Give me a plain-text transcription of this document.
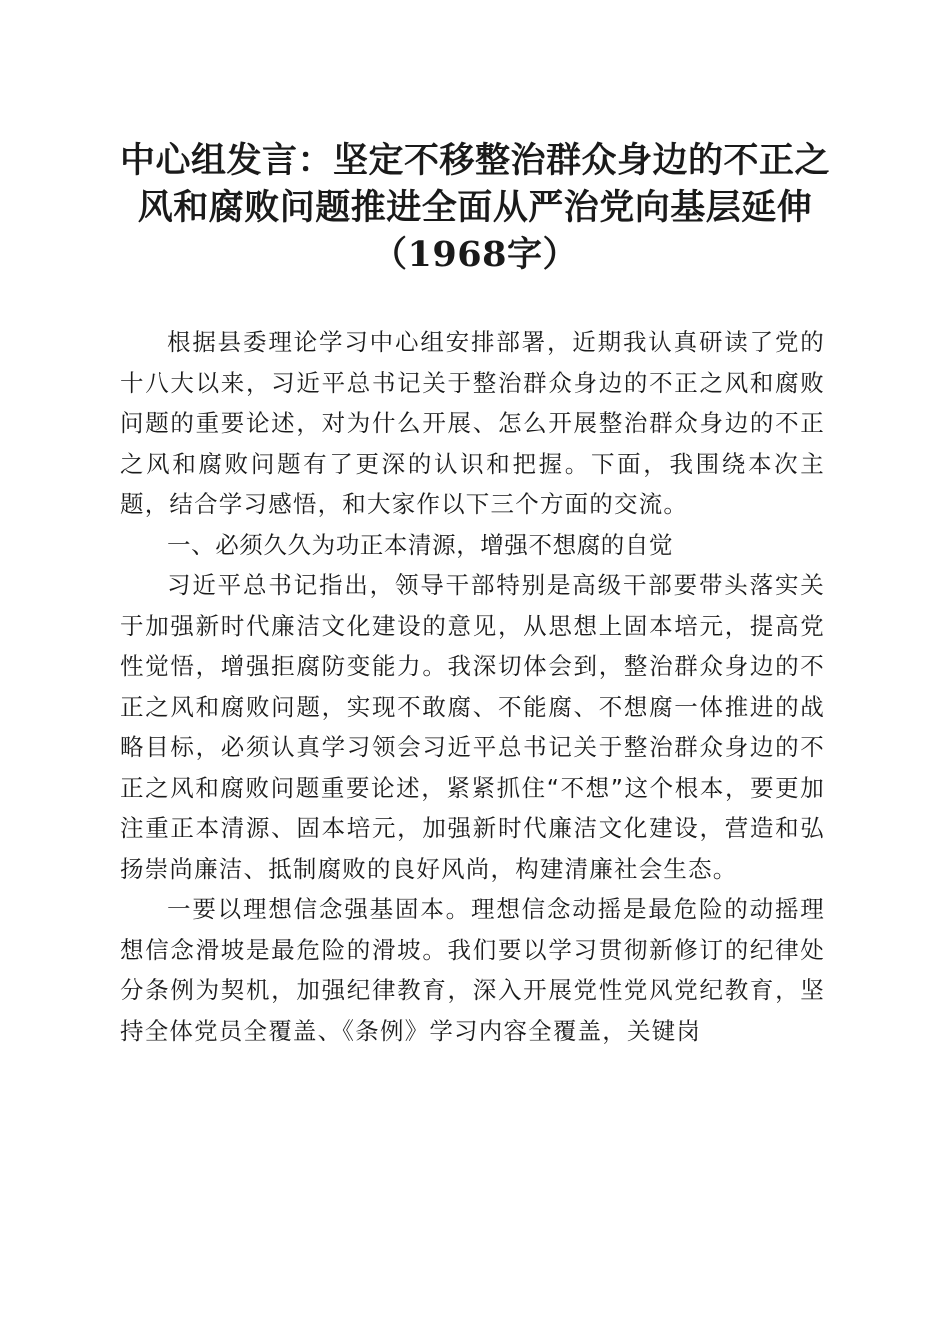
中心组发言：坚定不移整治群众身边的不正之
风和腐败问题推进全面从严治党向基层延伸
（1968字）

根据县委理论学习中心组安排部署，近期我认真研读了党的十八大以来，习近平总书记关于整治群众身边的不正之风和腐败问题的重要论述，对为什么开展、怎么开展整治群众身边的不正之风和腐败问题有了更深的认识和把握。下面，我围绕本次主题，结合学习感悟，和大家作以下三个方面的交流。

一、必须久久为功正本清源，增强不想腐的自觉

习近平总书记指出，领导干部特别是高级干部要带头落实关于加强新时代廉洁文化建设的意见，从思想上固本培元，提高党性觉悟，增强拒腐防变能力。我深切体会到，整治群众身边的不正之风和腐败问题，实现不敢腐、不能腐、不想腐一体推进的战略目标，必须认真学习领会习近平总书记关于整治群众身边的不正之风和腐败问题重要论述，紧紧抓住“不想”这个根本，要更加注重正本清源、固本培元，加强新时代廉洁文化建设，营造和弘扬崇尚廉洁、抵制腐败的良好风尚，构建清廉社会生态。

一要以理想信念强基固本。理想信念动摇是最危险的动摇理想信念滑坡是最危险的滑坡。我们要以学习贯彻新修订的纪律处分条例为契机，加强纪律教育，深入开展党性党风党纪教育，坚持全体党员全覆盖、《条例》学习内容全覆盖，关键岗
